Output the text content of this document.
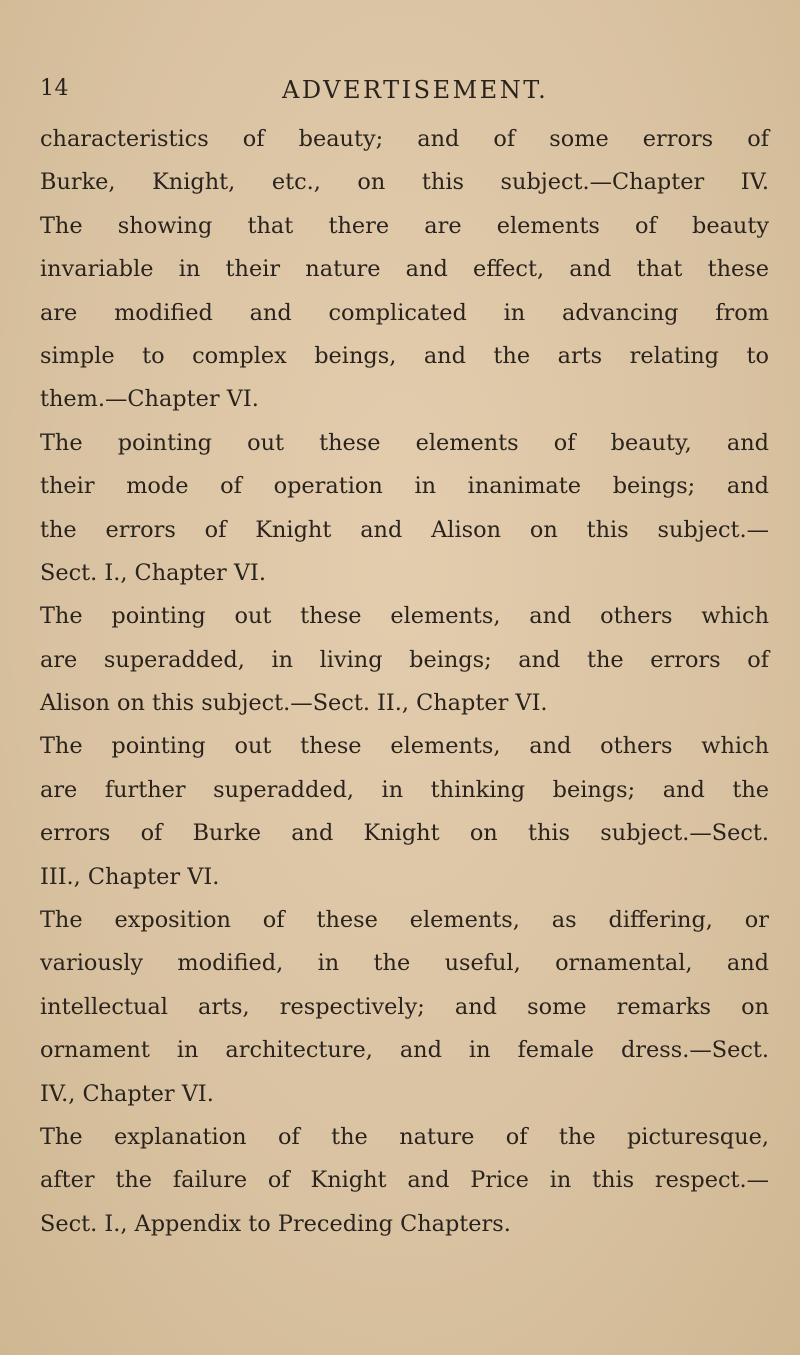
14	ADVERTISEMENT.
characteristics of beauty; and of some errors of
Burke, Knight, etc., on this subject.—Chapter IV.
The showing that there are elements of beauty
invariable in their nature and effect, and that these
are modified and complicated in advancing from
simple to complex beings, and the arts relating to
them.—Chapter VI.
The pointing out these elements of beauty, and
their mode of operation in inanimate beings; and
the errors of Knight and Alison on this subject.—
Sect. I., Chapter VI.
The pointing out these elements, and others which
are superadded, in living beings; and the errors of
Alison on this subject.—Sect. II., Chapter VI.
The pointing out these elements, and others which
are further superadded, in thinking beings; and the
errors of Burke and Knight on this subject.—Sect.
III., Chapter VI.
The exposition of these elements, as differing, or
variously modified, in the useful, ornamental, and
intellectual arts, respectively; and some remarks on
ornament in architecture, and in female dress.—Sect.
IV., Chapter VI.
The explanation of the nature of the picturesque,
after the failure of Knight and Price in this respect.—
Sect. I., Appendix to Preceding Chapters.
